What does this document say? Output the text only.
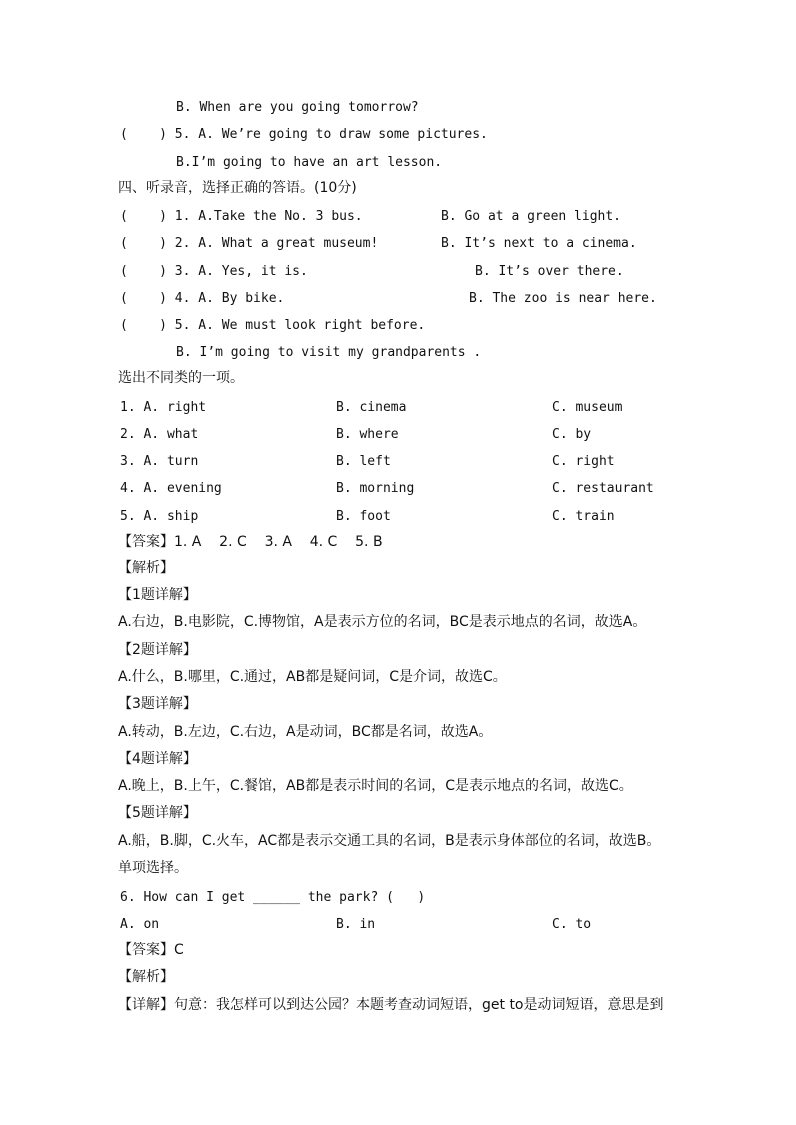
B. When are you going tomorrow?
(    ) 5. A. We’re going to draw some pictures.
B.I’m going to have an art lesson.
四、听录音，选择正确的答语。(10分)
(    ) 1. A.Take the No. 3 bus.	B. Go at a green light.
(    ) 2. A. What a great museum!	B. It’s next to a cinema.
(    ) 3. A. Yes, it is.	B. It’s over there.
(    ) 4. A. By bike.	B. The zoo is near here.
(    ) 5. A. We must look right before.
B. I’m going to visit my grandparents .
选出不同类的一项。
1. A. right	B. cinema	C. museum
2. A. what	B. where	C. by
3. A. turn	B. left	C. right
4. A. evening	B. morning	C. restaurant
5. A. ship	B. foot	C. train
【答案】1. A    2. C    3. A    4. C    5. B
【解析】
【1题详解】
A.右边，B.电影院，C.博物馆，A是表示方位的名词，BC是表示地点的名词，故选A。
【2题详解】
A.什么，B.哪里，C.通过，AB都是疑问词，C是介词，故选C。
【3题详解】
A.转动，B.左边，C.右边，A是动词，BC都是名词，故选A。
【4题详解】
A.晚上，B.上午，C.餐馆，AB都是表示时间的名词，C是表示地点的名词，故选C。
【5题详解】
A.船，B.脚，C.火车，AC都是表示交通工具的名词，B是表示身体部位的名词，故选B。
单项选择。
6. How can I get ______ the park? (   )
A. on	B. in	C. to
【答案】C
【解析】
【详解】句意：我怎样可以到达公园？本题考查动词短语，get to是动词短语，意思是到
